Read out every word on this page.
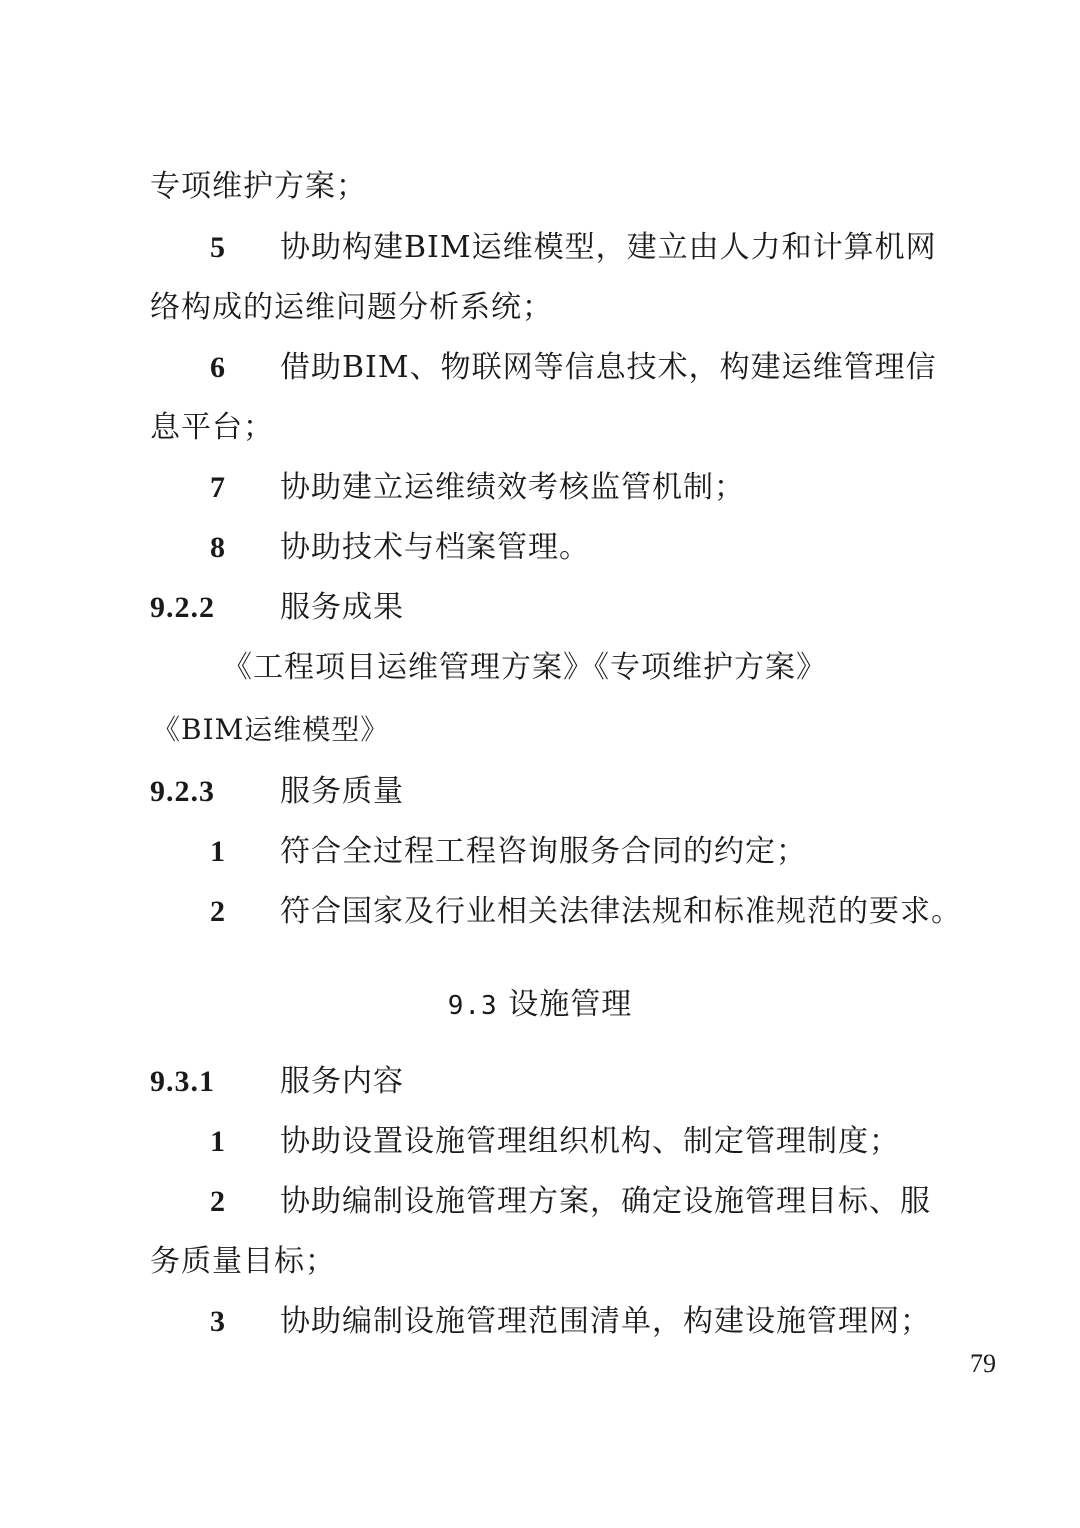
专项维护方案；
5 协助构建BIM运维模型，建立由人力和计算机网
络构成的运维问题分析系统；
6 借助BIM、物联网等信息技术，构建运维管理信
息平台；
7 协助建立运维绩效考核监管机制；
8 协助技术与档案管理。
9.2.2 服务成果
《工程项目运维管理方案》《专项维护方案》
《BIM运维模型》
9.2.3 服务质量
1 符合全过程工程咨询服务合同的约定；
2 符合国家及行业相关法律法规和标准规范的要求。
9.3 设施管理
9.3.1 服务内容
1 协助设置设施管理组织机构、制定管理制度；
2 协助编制设施管理方案，确定设施管理目标、服
务质量目标；
3 协助编制设施管理范围清单，构建设施管理网；
79
